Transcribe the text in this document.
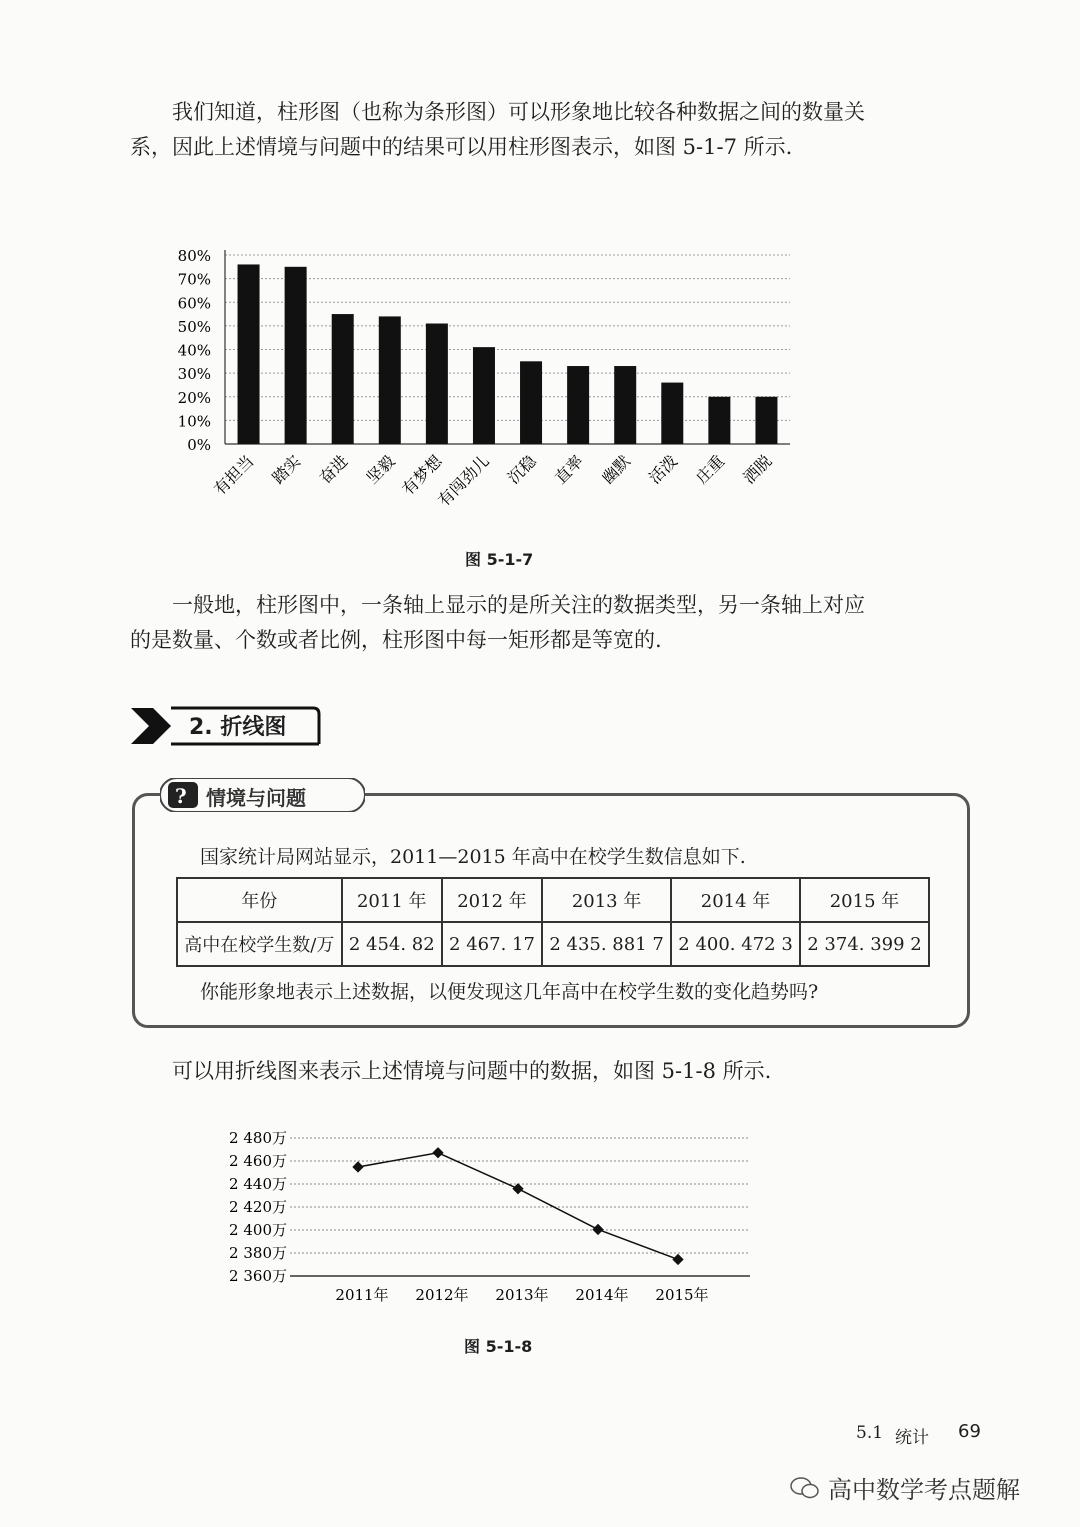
我们知道，柱形图（也称为条形图）可以形象地比较各种数据之间的数量关系，因此上述情境与问题中的结果可以用柱形图表示，如图 5-1-7 所示.

0%
10%
20%
30%
40%
50%
60%
70%
80%
有担当 踏实 奋进 坚毅 有梦想
有闯劲儿 沉稳 直率 幽默 活泼 庄重 洒脱
图 5-1-7

一般地，柱形图中，一条轴上显示的是所关注的数据类型，另一条轴上对应的是数量、个数或者比例，柱形图中每一矩形都是等宽的.

2. 折线图
? 情境与问题
国家统计局网站显示，2011—2015 年高中在校学生数信息如下.
年份	2011 年	2012 年	2013 年	2014 年	2015 年
高中在校学生数/万	2 454. 82	2 467. 17	2 435. 881 7	2 400. 472 3	2 374. 399 2
你能形象地表示上述数据，以便发现这几年高中在校学生数的变化趋势吗?

可以用折线图来表示上述情境与问题中的数据，如图 5-1-8 所示.

2 360万
2 380万
2 400万
2 420万
2 440万
2 460万
2 480万
2011年 2012年 2013年 2014年 2015年
图 5-1-8
5.1 统计 69
高中数学考点题解
